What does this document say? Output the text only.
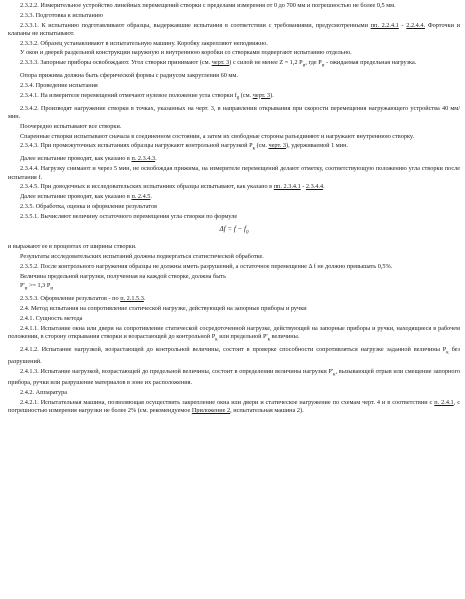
2.3.2.2. Измерительное устройство линейных перемещений створки с пределами измерения от 0 до 700 мм и погрешностью не более 0,5 мм.
2.3.3. Подготовка к испытанию
2.3.3.1. К испытанию подготавливают образцы, выдержавшие испытания в соответствии с требованиями, предусмотренными пп. 2.2.4.1 - 2.2.4.4. Форточки и клапаны не испытывают.
2.3.3.2. Образец устанавливают в испытательную машину. Коробку закрепляют неподвижно.
У окон и дверей раздельной конструкции наружную и внутреннюю коробки со створками подвергают испытанию отдельно.
2.3.3.3. Запорные приборы освобождают. Угол створки принимают (см. черт. 3) с силой не менее Z = 1,2 $P_и$, где $P_и$ - ожидаемая предельная нагрузка.
Опора прижима должна быть сферической формы с радиусом закругления 60 мм.
2.3.4. Проведение испытания
2.3.4.1. На измерителе перемещений отмечают нулевое положение угла створки $f_0$ (см. черт. 3).
2.3.4.2. Производят нагружение створки в точках, указанных на черт. 3, в направлении открывания при скорости перемещения нагружающего устройства 40 мм/мин.
Поочередно испытывают все створки.
Спаренные створки испытывают сначала в соединенном состоянии, а затем их свободные стороны разъединяют и нагружают внутреннюю створку.
2.3.4.3. При промежуточных испытаниях образцы нагружают контрольной нагрузкой $P_к$ (см. черт. 3), удерживаемой 1 мин.
Далее испытание проводят, как указано в п. 2.3.4.3.
2.3.4.4. Нагрузку снимают и через 5 мин, не освобождая прижима, на измерителе перемещений делают отметку, соответствующую положению угла створки после испытания f.
2.3.4.5. При доводочных и исследовательских испытаниях образцы испытывают, как указано в пп. 2.3.4.1 - 2.3.4.4.
Далее испытание проводят, как указано в п. 2.4.5.
2.3.5. Обработка, оценка и оформление результатов
2.3.5.1. Вычисляют величину остаточного перемещения угла створки по формуле
$\Delta f = f - f_0$
и выражают ее в процентах от ширины створки.
Результаты исследовательских испытаний должны подвергаться статистической обработке.
2.3.5.2. После контрольного нагружения образцы не должны иметь разрушений, а остаточное перемещение Δ f не должно превышать 0,5%.
Величина предельной нагрузки, полученная на каждой створке, должна быть
$P'_и >= 1,3$ $P_и$
2.3.5.3. Оформление результатов - по п. 2.1.5.3.
2.4. Метод испытания на сопротивление статической нагрузке, действующей на запорные приборы и ручки
2.4.1. Сущность метода
2.4.1.1. Испытание окна или двери на сопротивление статической сосредоточенной нагрузке, действующей на запорные приборы и ручки, находящиеся в рабочем положении, в сторону открывания створки и возрастающей до контрольной $P_к$ или предельной $P'_к$ величины.
2.4.1.2. Испытание нагрузкой, возрастающей до контрольной величины, состоит в проверке способности сопротивляться нагрузке заданной величины $P_к$ без разрушений.
2.4.1.3. Испытание нагрузкой, возрастающей до предельной величины, состоит в определении величины нагрузки $P'_к$, вызывающей отрыв или смещение запорного прибора, ручки или разрушение материалов в зоне их расположения.
2.4.2. Аппаратура
2.4.2.1. Испытательная машина, позволяющая осуществить закрепление окна или двери и статическое нагружение по схемам черт. 4 и в соответствии с п. 2.4.1, с погрешностью измерения нагрузки не более 2% (см. рекомендуемое Приложение 2, испытательная машина 2).
